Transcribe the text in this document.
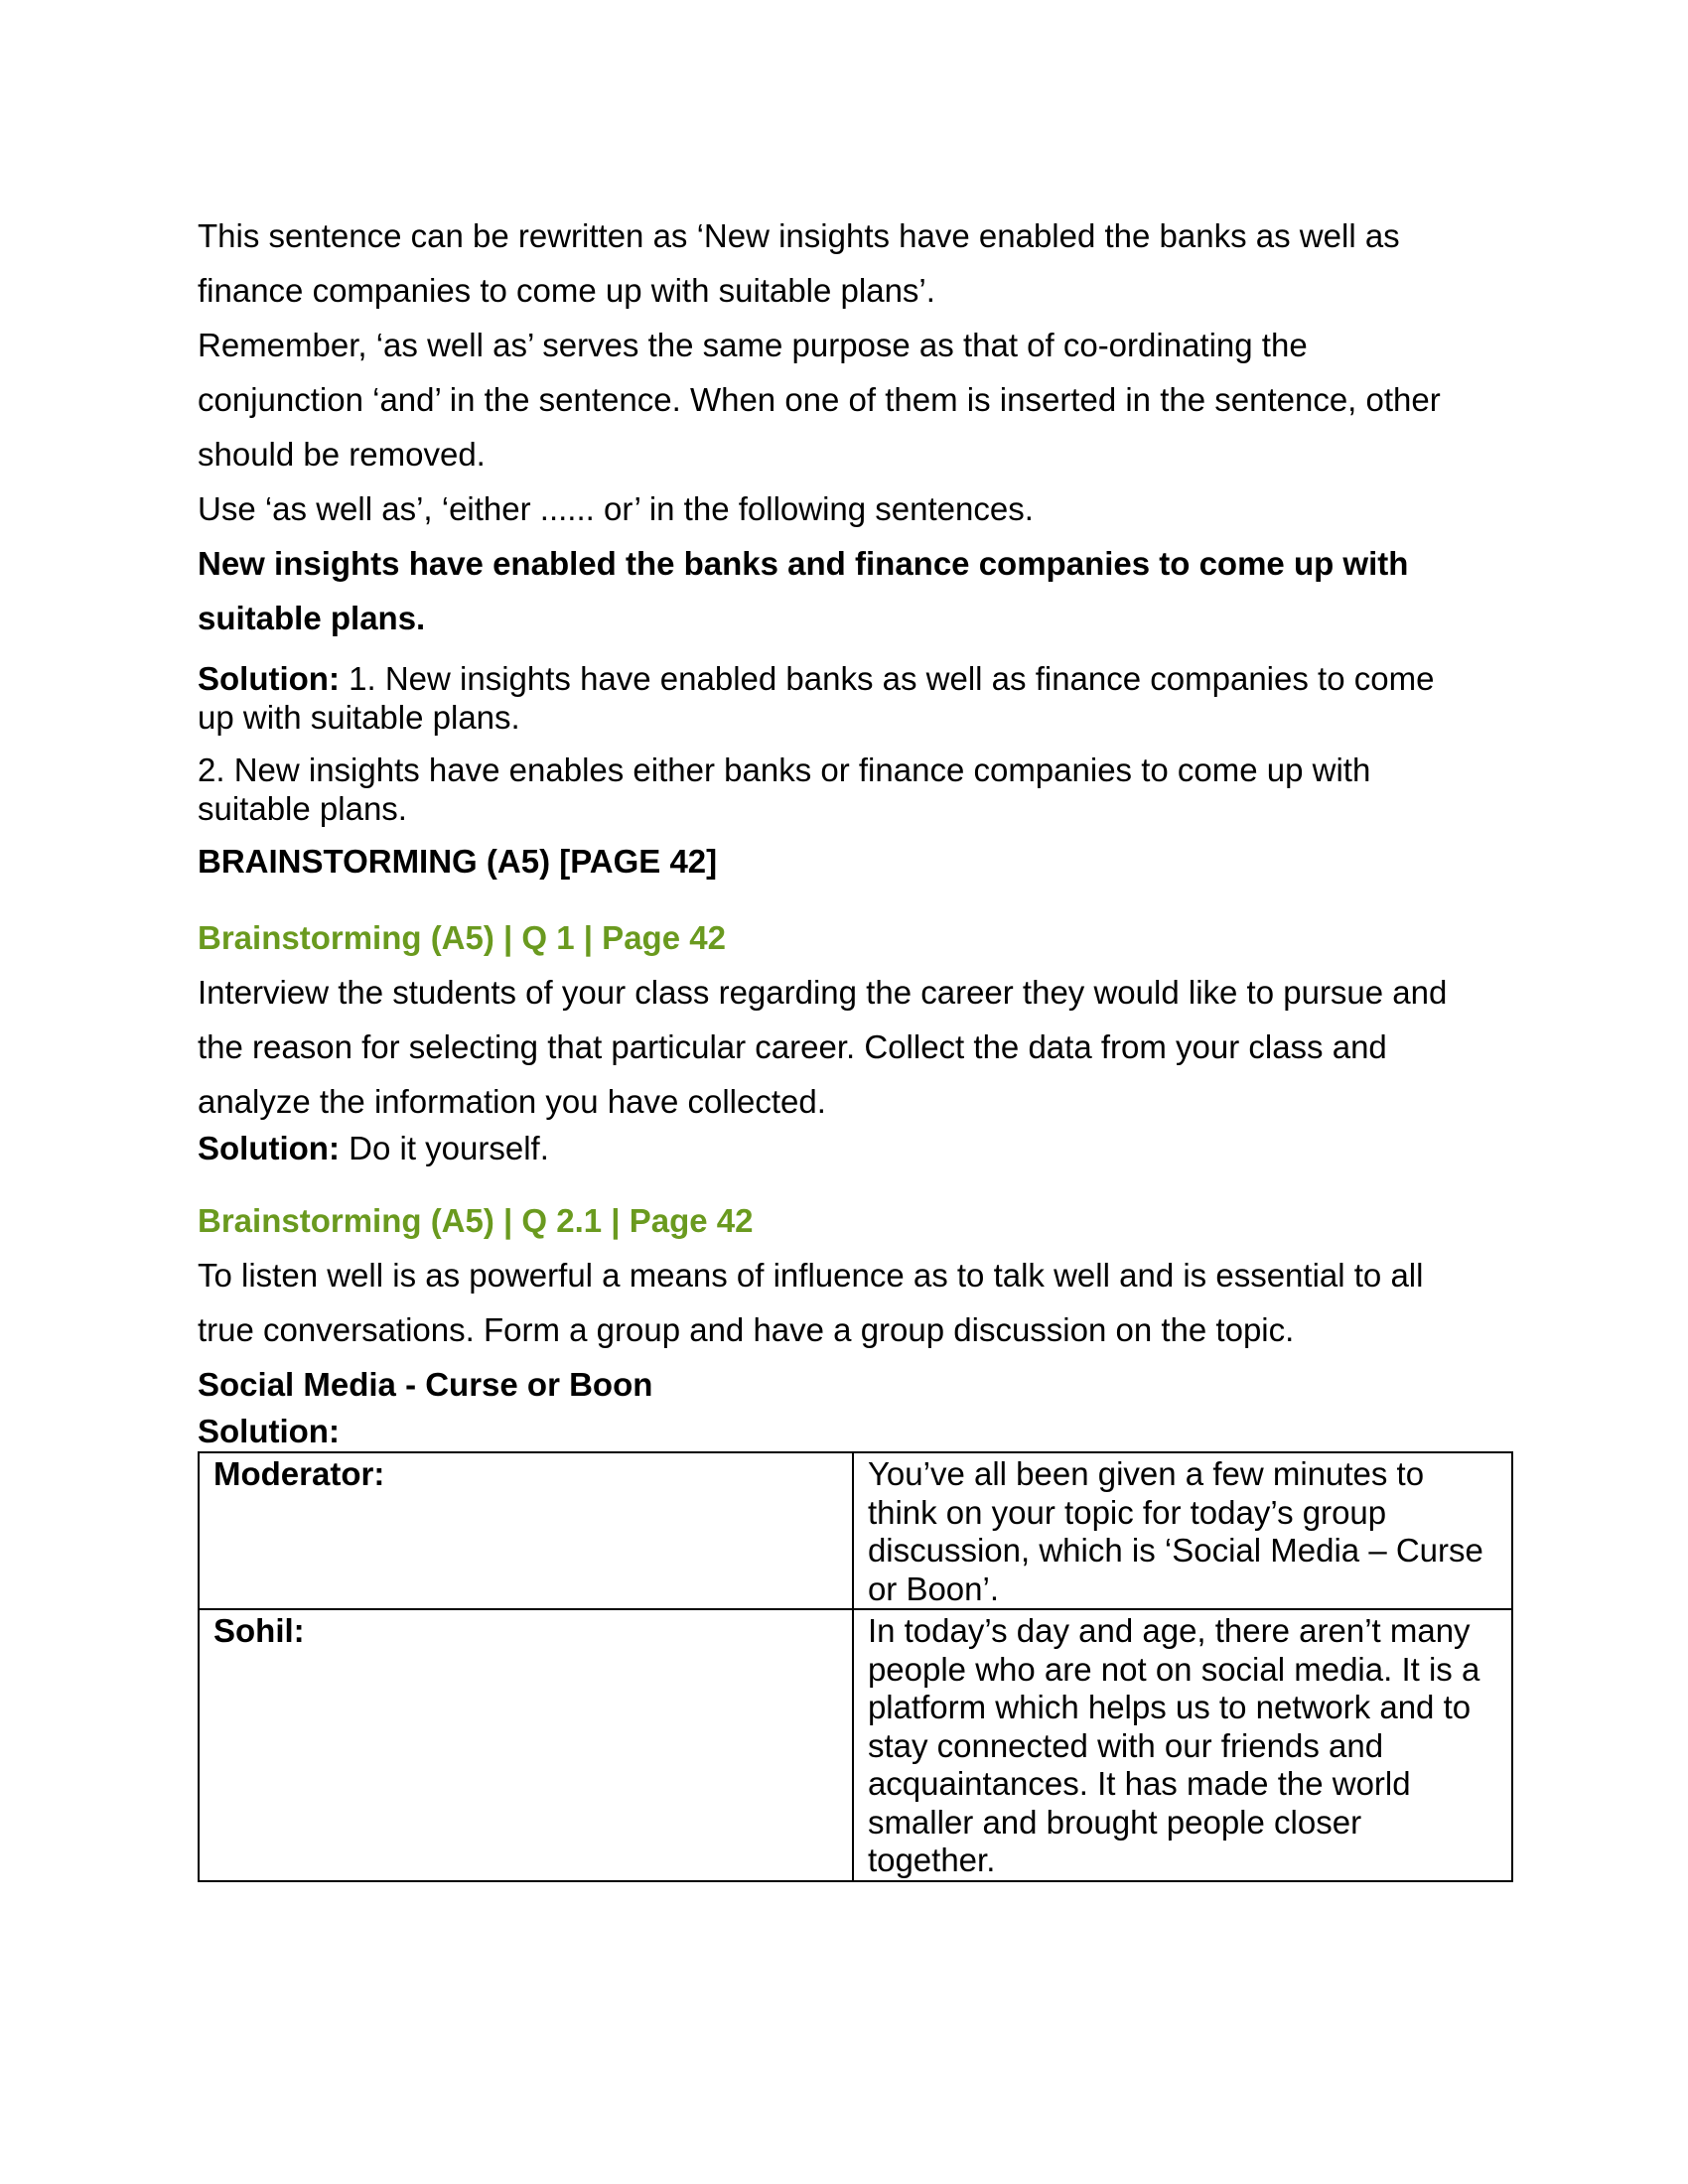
This sentence can be rewritten as ‘New insights have enabled the banks as well as

finance companies to come up with suitable plans’.

Remember, ‘as well as’ serves the same purpose as that of co-ordinating the

conjunction ‘and’ in the sentence. When one of them is inserted in the sentence, other

should be removed.

Use ‘as well as’, ‘either ...... or’ in the following sentences.

New insights have enabled the banks and finance companies to come up with

suitable plans.

Solution: 1. New insights have enabled banks as well as finance companies to come

up with suitable plans.

2. New insights have enables either banks or finance companies to come up with

suitable plans.

BRAINSTORMING (A5) [PAGE 42]

Brainstorming (A5) | Q 1 | Page 42

Interview the students of your class regarding the career they would like to pursue and

the reason for selecting that particular career. Collect the data from your class and

analyze the information you have collected.

Solution: Do it yourself.

Brainstorming (A5) | Q 2.1 | Page 42

To listen well is as powerful a means of influence as to talk well and is essential to all

true conversations. Form a group and have a group discussion on the topic.

Social Media - Curse or Boon

Solution:

Moderator:	You’ve all been given a few minutes to think on your topic for today’s group discussion, which is ‘Social Media – Curse or Boon’.
Sohil:	In today’s day and age, there aren’t many people who are not on social media. It is a platform which helps us to network and to stay connected with our friends and acquaintances. It has made the world smaller and brought people closer together.
